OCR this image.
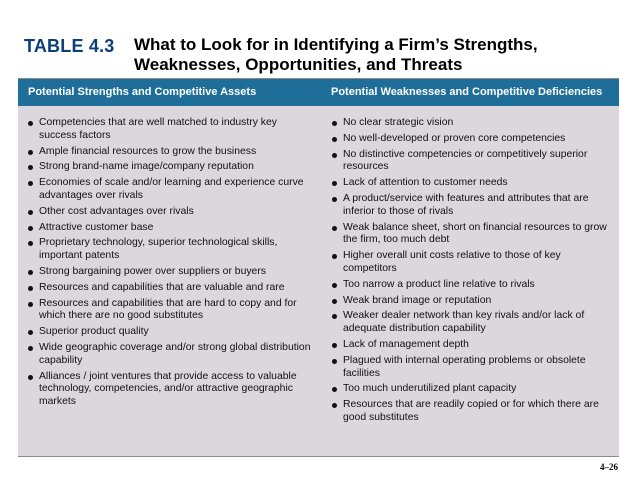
TABLE 4.3 What to Look for in Identifying a Firm’s Strengths, Weaknesses, Opportunities, and Threats
Potential Strengths and Competitive Assets	Potential Weaknesses and Competitive Deficiencies
Competencies that are well matched to industry key success factors
Ample financial resources to grow the business
Strong brand-name image/company reputation
Economies of scale and/or learning and experience curve advantages over rivals
Other cost advantages over rivals
Attractive customer base
Proprietary technology, superior technological skills, important patents
Strong bargaining power over suppliers or buyers
Resources and capabilities that are valuable and rare
Resources and capabilities that are hard to copy and for which there are no good substitutes
Superior product quality
Wide geographic coverage and/or strong global distribution capability
Alliances / joint ventures that provide access to valuable technology, competencies, and/or attractive geographic markets
No clear strategic vision
No well-developed or proven core competencies
No distinctive competencies or competitively superior resources
Lack of attention to customer needs
A product/service with features and attributes that are inferior to those of rivals
Weak balance sheet, short on financial resources to grow the firm, too much debt
Higher overall unit costs relative to those of key competitors
Too narrow a product line relative to rivals
Weak brand image or reputation
Weaker dealer network than key rivals and/or lack of adequate distribution capability
Lack of management depth
Plagued with internal operating problems or obsolete facilities
Too much underutilized plant capacity
Resources that are readily copied or for which there are good substitutes
4–26
